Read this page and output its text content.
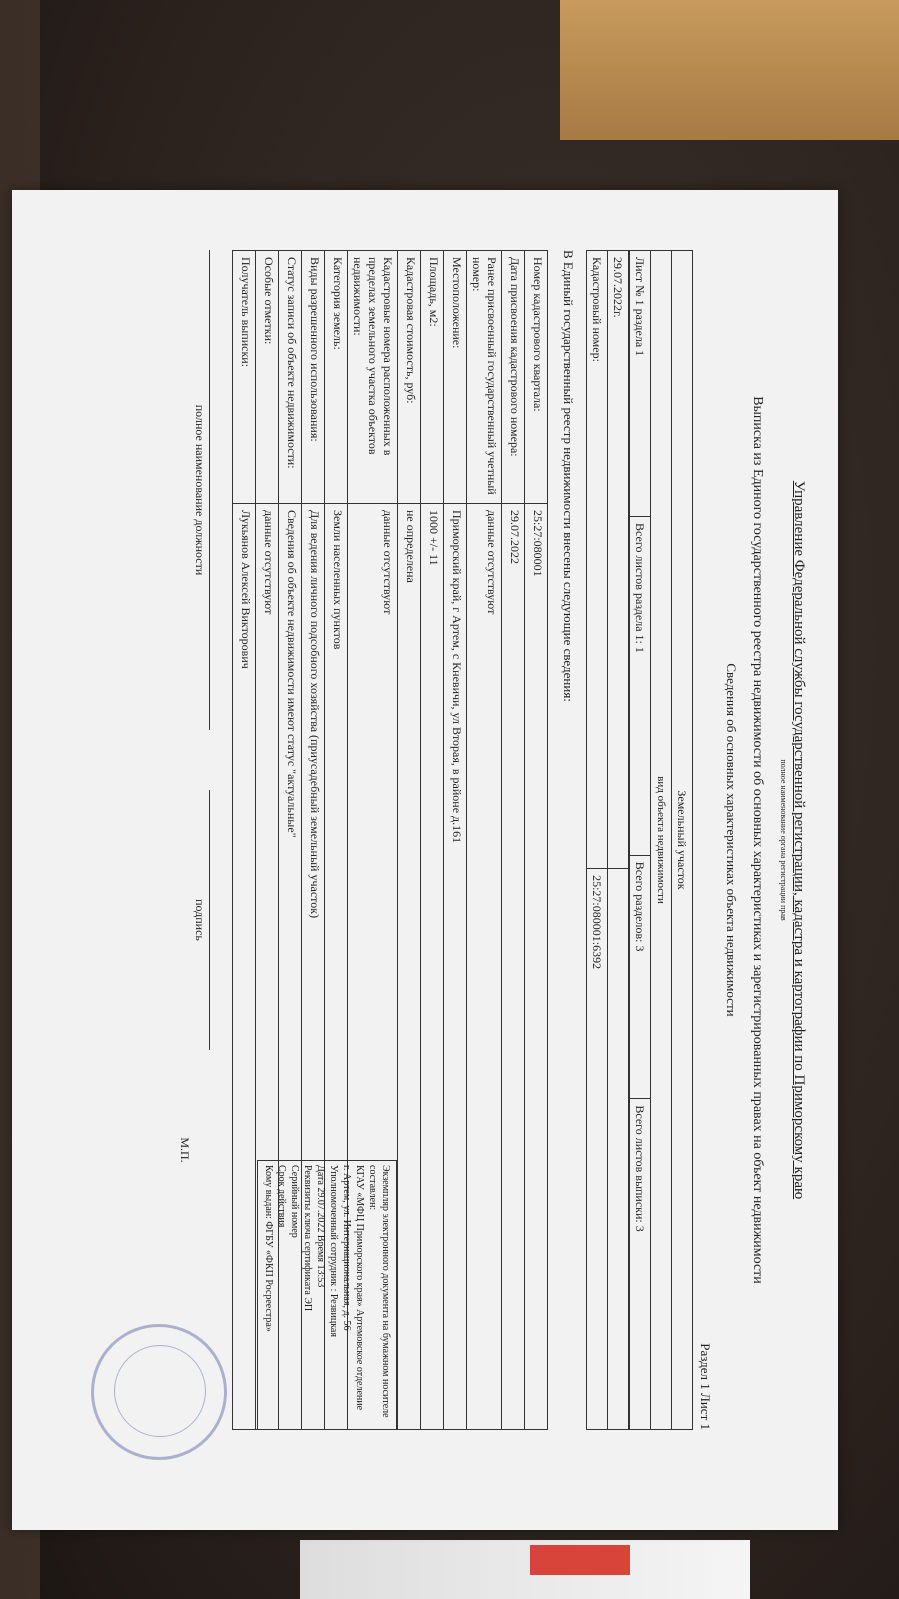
Управление Федеральной службы государственной регистрации, кадастра и картографии по Приморскому краю

полное наименование органа регистрации прав

Выписка из Единого государственного реестра недвижимости об основных характеристиках и зарегистрированных правах на объект недвижимости

Сведения об основных характеристиках объекта недвижимости

Раздел 1 Лист 1
Земельный участок
вид объекта недвижимости
Лист № 1 раздела 1	Всего листов раздела 1: 1	Всего разделов: 3	Всего листов выписки: 3
29.07.2022г.	
Кадастровый номер:	25:27:080001:6392

В Единый государственный реестр недвижимости внесены следующие сведения:

Номер кадастрового квартала:	25:27:080001
Дата присвоения кадастрового номера:	29.07.2022
Ранее присвоенный государственный учетный номер:	данные отсутствуют
Местоположение:	Приморский край, г Артем, с Кневичи, ул Вторая, в районе д.161
Площадь, м2:	1000 +/- 11
Кадастровая стоимость, руб:	не определена
Кадастровые номера расположенных в пределах земельного участка объектов недвижимости:	данные отсутствуют
Категория земель:	Земли населенных пунктов
Виды разрешенного использования:	Для ведения личного подсобного хозяйства (приусадебный земельный участок)
Статус записи об объекте недвижимости:	Сведения об объекте недвижимости имеют статус "актуальные"
Особые отметки:	данные отсутствуют
Получатель выписки:	Лукьянов Алексей Викторович
полное наименование должности
подпись
М.П.
Экземпляр электронного документа на бумажном носителе составлен:
КГАУ «МФЦ Приморского края» Артемовское отделение
г. Артем, ул. Интернациональная, д. 56
Уполномоченный сотрудник : Резвицкая
Дата 29.07.2022 Время 13:53
Реквизиты ключа сертификата ЭП
Серийный номер
Срок действия
Кому выдан: ФГБУ «ФКП Росреестра»
